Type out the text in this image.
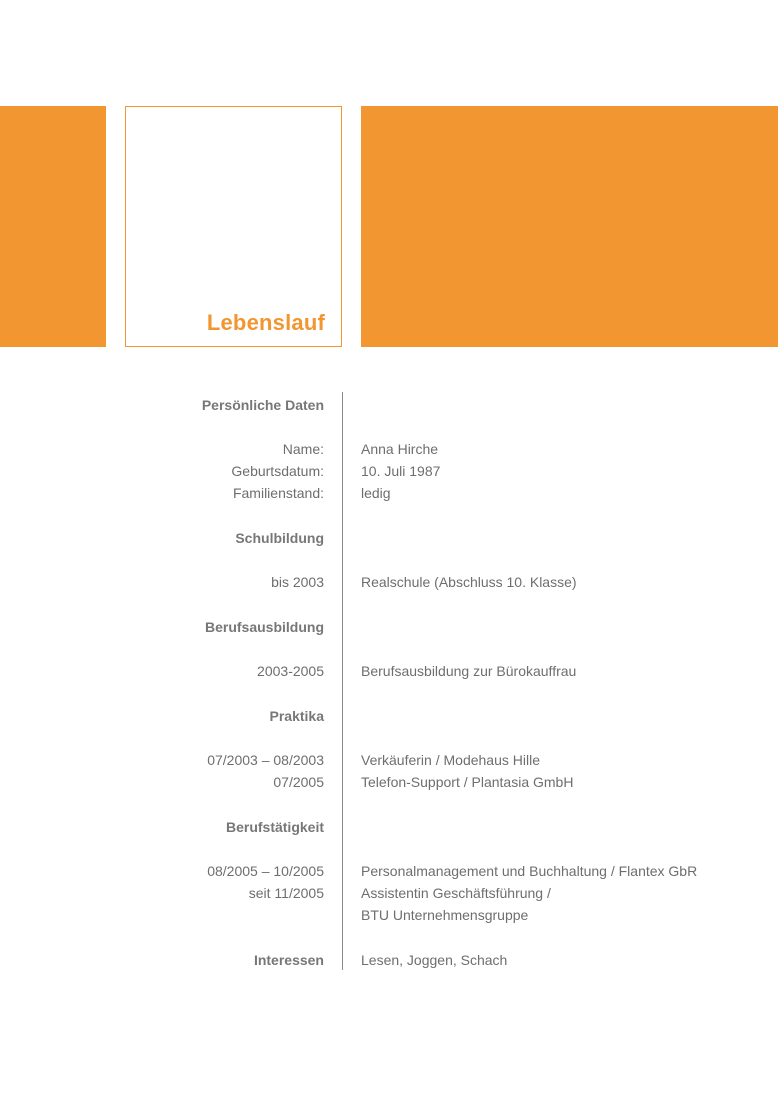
Lebenslauf
Persönliche Daten
Name:	Anna Hirche
Geburtsdatum:	10. Juli 1987
Familienstand:	ledig
Schulbildung
bis 2003	Realschule (Abschluss 10. Klasse)
Berufsausbildung
2003-2005	Berufsausbildung zur Bürokauffrau
Praktika
07/2003 – 08/2003	Verkäuferin / Modehaus Hille
07/2005	Telefon-Support / Plantasia GmbH
Berufstätigkeit
08/2005 – 10/2005	Personalmanagement und Buchhaltung / Flantex GbR
seit 11/2005	Assistentin Geschäftsführung /
BTU Unternehmensgruppe
Interessen	Lesen, Joggen, Schach
